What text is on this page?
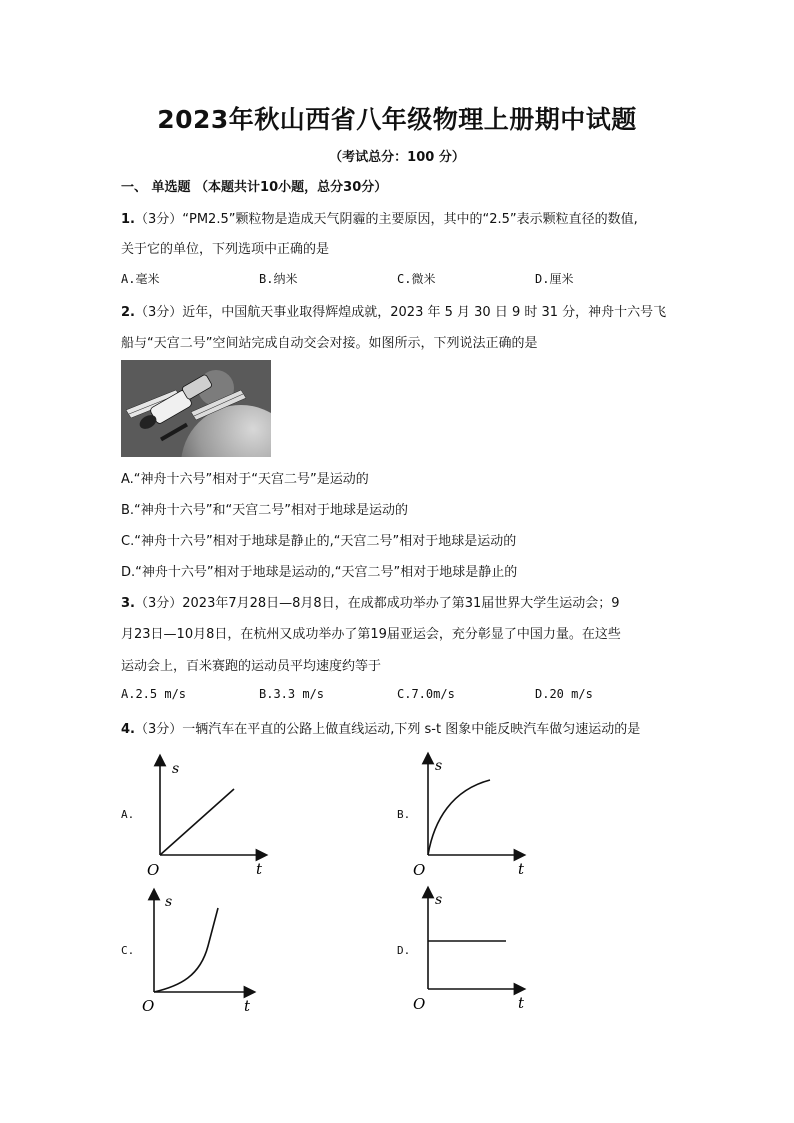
2023年秋山西省八年级物理上册期中试题
（考试总分：100 分）
一、 单选题 （本题共计10小题，总分30分）
1.（3分）“PM2.5”颗粒物是造成天气阴霾的主要原因，其中的“2.5”表示颗粒直径的数值,
关于它的单位，下列选项中正确的是
A.毫米	B.纳米	C.微米	D.厘米
2.（3分）近年，中国航天事业取得辉煌成就，2023 年 5 月 30 日 9 时 31 分，神舟十六号飞
船与“天宫二号”空间站完成自动交会对接。如图所示，下列说法正确的是
A.“神舟十六号”相对于“天宫二号”是运动的
B.“神舟十六号”和“天宫二号”相对于地球是运动的
C.“神舟十六号”相对于地球是静止的,“天宫二号”相对于地球是运动的
D.“神舟十六号”相对于地球是运动的,“天宫二号”相对于地球是静止的
3.（3分）2023年7月28日—8月8日，在成都成功举办了第31届世界大学生运动会；9
月23日—10月8日，在杭州又成功举办了第19届亚运会，充分彰显了中国力量。在这些
运动会上，百米赛跑的运动员平均速度约等于
A.2.5 m/s	B.3.3 m/s	C.7.0m/s	D.20 m/s
4.（3分）一辆汽车在平直的公路上做直线运动,下列 s-t 图象中能反映汽车做匀速运动的是
A.	B.
C.	D.
s
t
O
s
t
O
s
t
O
s
t
O
